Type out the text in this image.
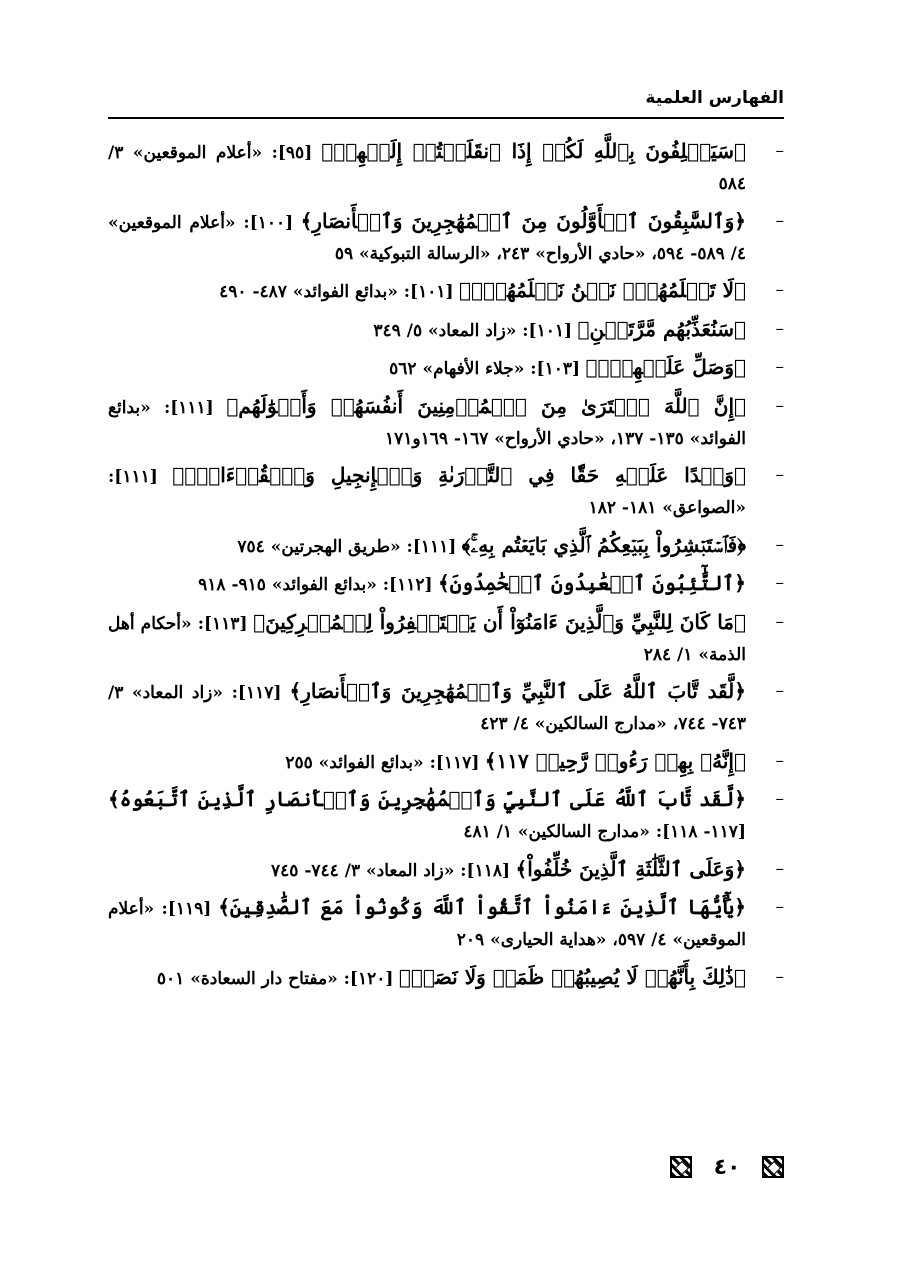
الفهارس العلمية
–
﴿سَيَحۡلِفُونَ بِٱللَّهِ لَكُمۡ إِذَا ٱنقَلَبۡتُمۡ إِلَيۡهِمۡ﴾ [٩٥]: «أعلام الموقعين» ٣/ ٥٨٤
–
﴿وَٱلسَّٰبِقُونَ ٱلۡأَوَّلُونَ مِنَ ٱلۡمُهَٰجِرِينَ وَٱلۡأَنصَارِ﴾ [١٠٠]: «أعلام الموقعين» ٤/ ٥٨٩- ٥٩٤، «حادي الأرواح» ٢٤٣، «الرسالة التبوكية» ٥٩
–
﴿لَا تَعۡلَمُهُمۡۖ نَحۡنُ نَعۡلَمُهُمۡۚ﴾ [١٠١]: «بدائع الفوائد» ٤٨٧- ٤٩٠
–
﴿سَنُعَذِّبُهُم مَّرَّتَيۡنِ﴾ [١٠١]: «زاد المعاد» ٥/ ٣٤٩
–
﴿وَصَلِّ عَلَيۡهِمۡۖ﴾ [١٠٣]: «جلاء الأفهام» ٥٦٢
–
﴿إِنَّ ٱللَّهَ ٱشۡتَرَىٰ مِنَ ٱلۡمُؤۡمِنِينَ أَنفُسَهُمۡ وَأَمۡوَٰلَهُم﴾ [١١١]: «بدائع الفوائد» ١٣٥- ١٣٧، «حادي الأرواح» ١٦٧- ١٦٩و١٧١
–
﴿وَعۡدًا عَلَيۡهِ حَقّٗا فِي ٱلتَّوۡرَىٰةِ وَٱلۡإِنجِيلِ وَٱلۡقُرۡءَانِۚ﴾ [١١١]: «الصواعق» ١٨١- ١٨٢
–
﴿فَٱسۡتَبۡشِرُواْ بِبَيۡعِكُمُ ٱلَّذِي بَايَعۡتُم بِهِۦۚ﴾ [١١١]: «طريق الهجرتين» ٧٥٤
–
﴿ٱلتَّٰٓئِبُونَ ٱلۡعَٰبِدُونَ ٱلۡحَٰمِدُونَ﴾ [١١٢]: «بدائع الفوائد» ٩١٥- ٩١٨
–
﴿مَا كَانَ لِلنَّبِيِّ وَٱلَّذِينَ ءَامَنُوٓاْ أَن يَسۡتَغۡفِرُواْ لِلۡمُشۡرِكِينَ﴾ [١١٣]: «أحكام أهل الذمة» ١/ ٢٨٤
–
﴿لَّقَد تَّابَ ٱللَّهُ عَلَى ٱلنَّبِيِّ وَٱلۡمُهَٰجِرِينَ وَٱلۡأَنصَارِ﴾ [١١٧]: «زاد المعاد» ٣/ ٧٤٣- ٧٤٤، «مدارج السالكين» ٤/ ٤٢٣
–
﴿إِنَّهُۥ بِهِمۡ رَءُوفٞ رَّحِيمٞ ١١٧﴾ [١١٧]: «بدائع الفوائد» ٢٥٥
–
﴿لَّقَد تَّابَ ٱللَّهُ عَلَى ٱلنَّبِيِّ وَٱلۡمُهَٰجِرِينَ وَٱلۡأَنصَارِ ٱلَّذِينَ ٱتَّبَعُوهُ﴾ [١١٧- ١١٨]: «مدارج السالكين» ١/ ٤٨١
–
﴿وَعَلَى ٱلثَّلَٰثَةِ ٱلَّذِينَ خُلِّفُواْ﴾ [١١٨]: «زاد المعاد» ٣/ ٧٤٤- ٧٤٥
–
﴿يَٰٓأَيُّهَا ٱلَّذِينَ ءَامَنُواْ ٱتَّقُواْ ٱللَّهَ وَكُونُواْ مَعَ ٱلصَّٰدِقِينَ﴾ [١١٩]: «أعلام الموقعين» ٤/ ٥٩٧، «هداية الحيارى» ٢٠٩
–
﴿ذَٰلِكَ بِأَنَّهُمۡ لَا يُصِيبُهُمۡ ظَمَأٞ وَلَا نَصَبٞ﴾ [١٢٠]: «مفتاح دار السعادة» ٥٠١
٤٠
